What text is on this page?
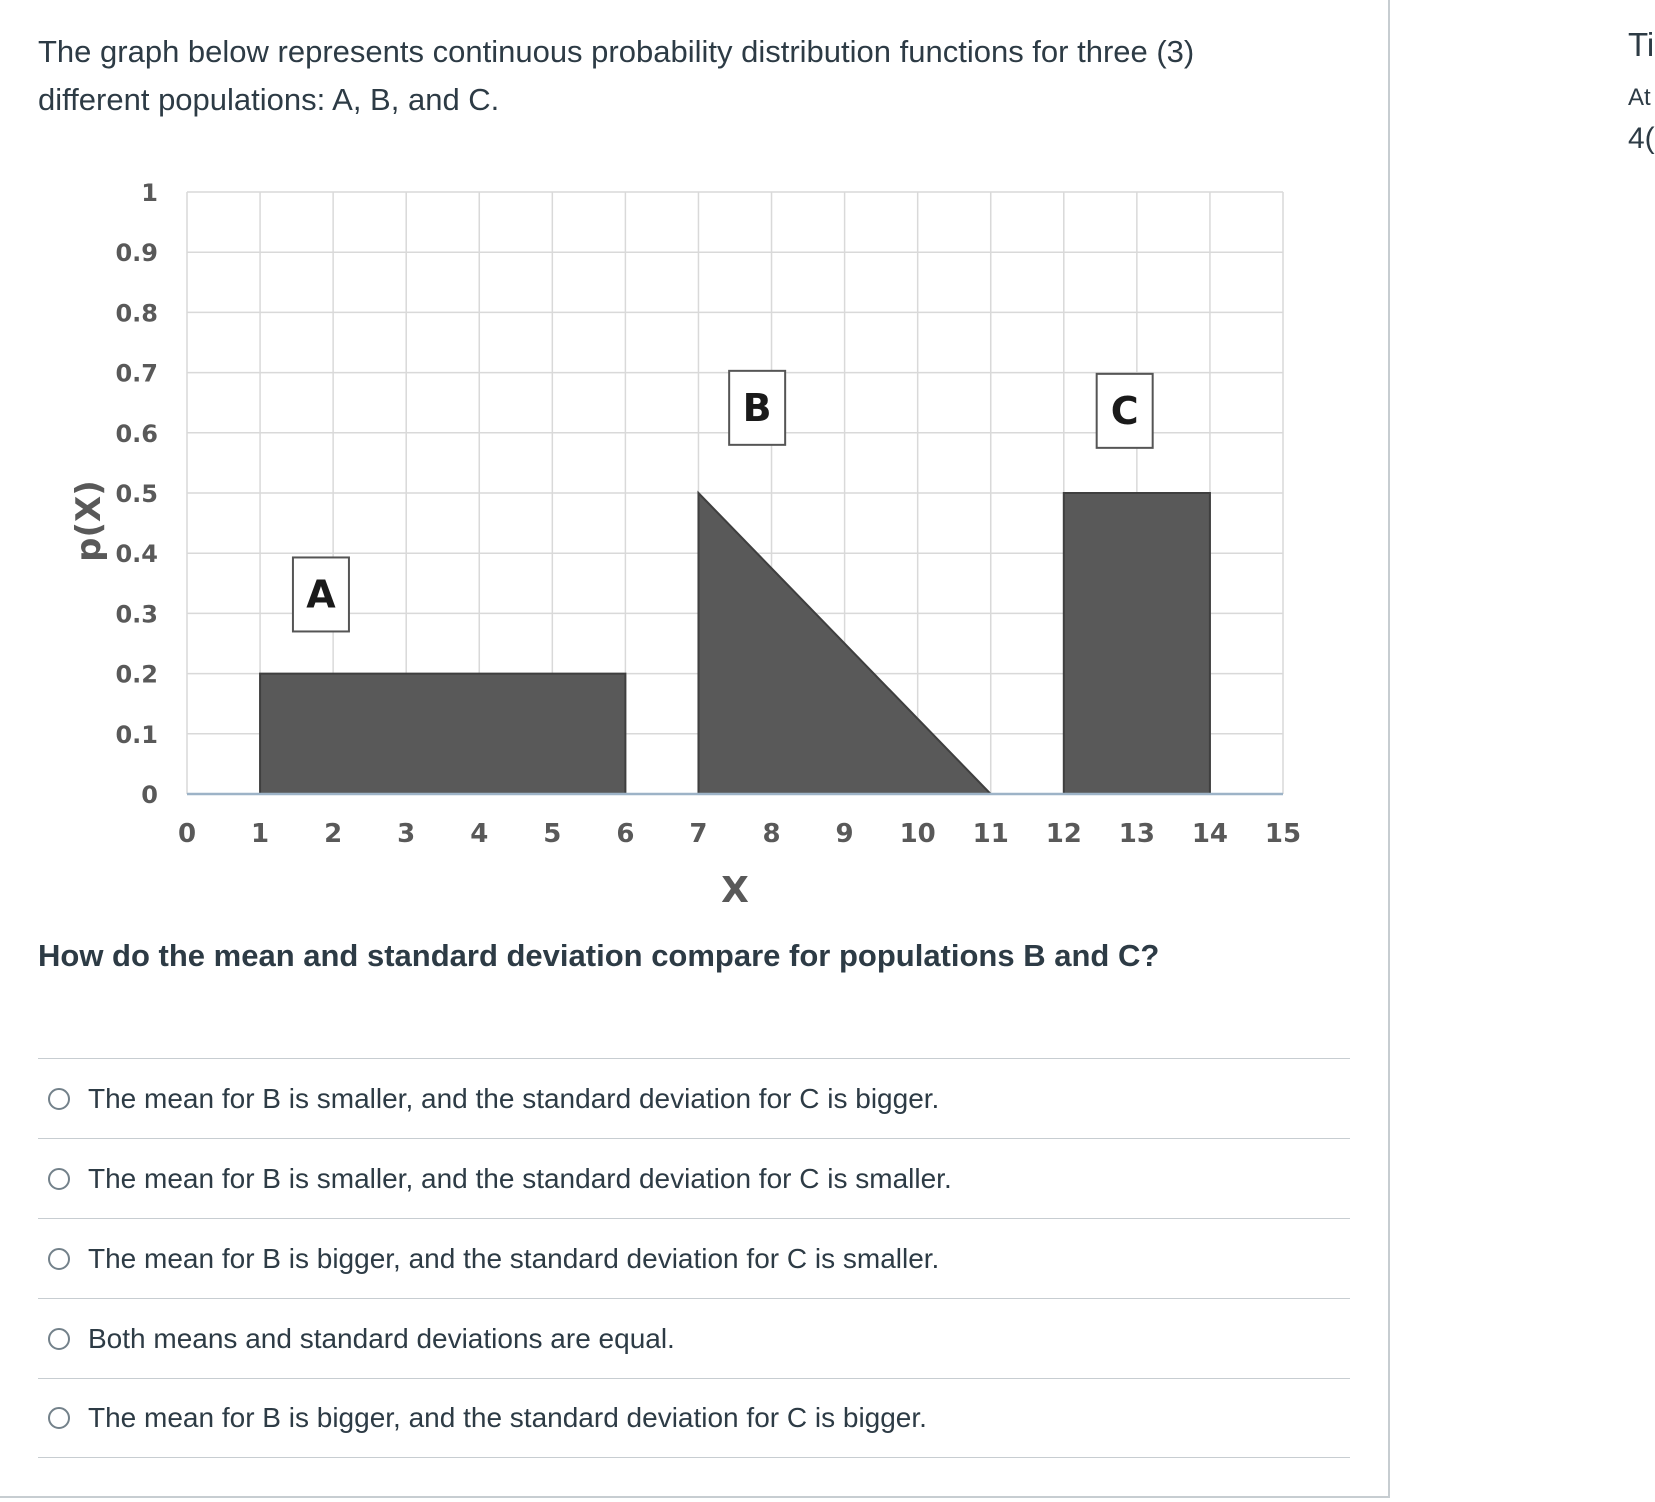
The graph below represents continuous probability distribution functions for three (3) different populations: A, B, and C.

0 1 2 3 4 5 6 7 8 9 10 11 12 13 14 15
0
0.1
0.2
0.3
0.4
0.5
0.6
0.7
0.8
0.9
1
X
p(X)
A
B	C

How do the mean and standard deviation compare for populations B and C?

The mean for B is smaller, and the standard deviation for C is bigger.
The mean for B is smaller, and the standard deviation for C is smaller.
The mean for B is bigger, and the standard deviation for C is smaller.
Both means and standard deviations are equal.
The mean for B is bigger, and the standard deviation for C is bigger.
Ti
At
4(
